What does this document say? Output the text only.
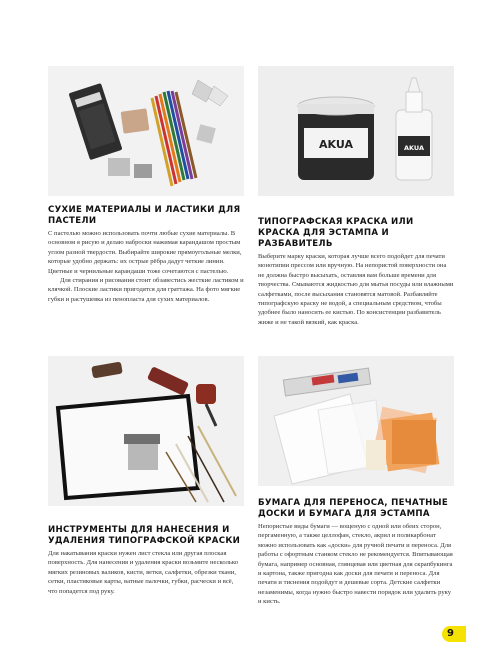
СУХИЕ МАТЕРИАЛЫ И ЛАСТИКИ ДЛЯ ПАСТЕЛИ

С пастелью можно использовать почти любые сухие материалы. В основном я рисую и делаю наброски нажимая карандашом простым углом разной твердости. Выбирайте широкие прямоугольные мелки, которые удобно держать: их острые рёбра дадут четкие линии. Цветные и чернильные карандаши тоже сочетаются с пастелью.

Для стирания и рисования стоит обзавестись жесткие ластиком и клячкой. Плоские ластики пригодятся для граттажа. На фото мягкие губки и растушевка из пенопласта для сухих материалов.

AKUA	AKUA
ТИПОГРАФСКАЯ КРАСКА ИЛИ КРАСКА ДЛЯ ЭСТАМПА И РАЗБАВИТЕЛЬ

Выберите марку краски, которая лучше всего подойдет для печати монотипии прессом или вручную. На непористой поверхности она не должна быстро высыхать, оставляя вам больше времени для творчества. Смываются жидкостью для мытья посуды или влажными салфетками, после высыхания становятся матовой. Разбавляйте типографскую краску не водой, а специальным средством, чтобы удобнее было наносить ее кистью. По консистенции разбавитель жиже и не такой вязкий, как краска.

ИНСТРУМЕНТЫ ДЛЯ НАНЕСЕНИЯ И УДАЛЕНИЯ ТИПОГРАФСКОЙ КРАСКИ

Для накатывания краски нужен лист стекла или другая плоская поверхность. Для нанесения и удаления краски возьмите несколько мягких резиновых валиков, кисти, ветки, салфетки, обрезки ткани, сетки, пластиковые карты, ватные палочки, губки, расчески и всё, что попадется под руку.

БУМАГА ДЛЯ ПЕРЕНОСА, ПЕЧАТНЫЕ ДОСКИ И БУМАГА ДЛЯ ЭСТАМПА

Непористые виды бумаги — вощеную с одной или обеих сторон, пергаменную, а также целлофан, стекло, акрил и поликарбонат можно использовать как «доски» для ручной печати и переноса. Для работы с офортным станком стекло не рекомендуется. Впитывающая бумага, например основная, глянцевая или цветная для скрапбукинга и картона, также пригодна как доски для печати и переноса. Для печати и тиснения подойдут и дешевые сорта. Детские салфетки незаменимы, когда нужно быстро навести порядок или удалить руку и кисть.

9
